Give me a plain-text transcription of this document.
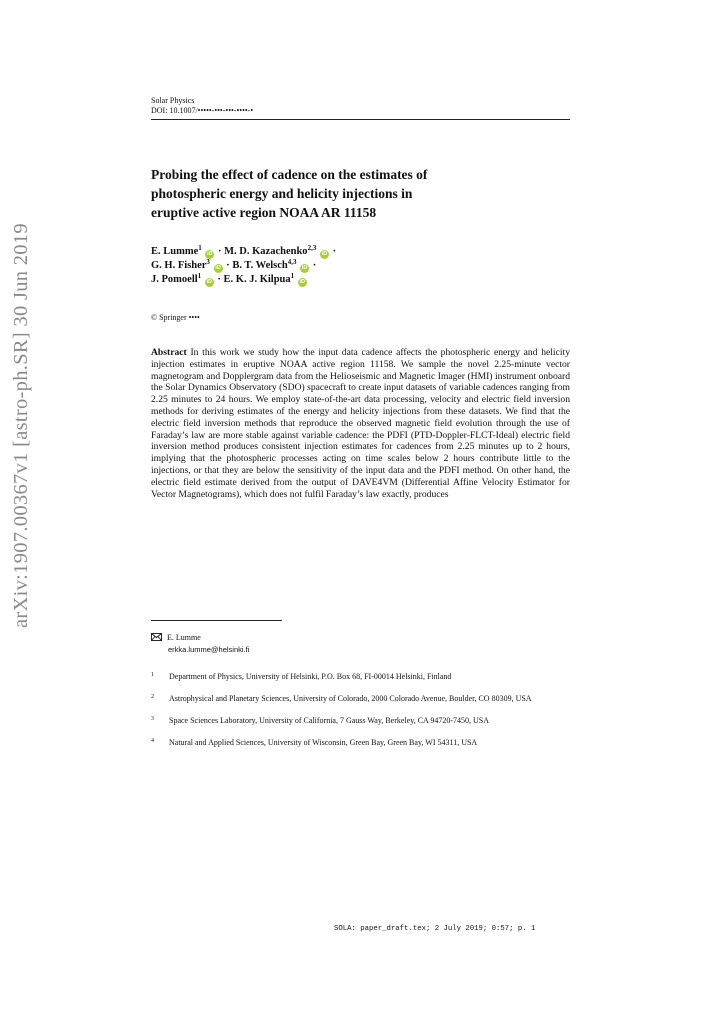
arXiv:1907.00367v1 [astro-ph.SR] 30 Jun 2019
Solar Physics
DOI: 10.1007/•••••-•••-•••-••••-•
Probing the effect of cadence on the estimates of
photospheric energy and helicity injections in
eruptive active region NOAA AR 11158
E. Lumme$^1$ iD · M. D. Kazachenko$^{2,3}$ iD ·
G. H. Fisher$^3$ iD · B. T. Welsch$^{4,3}$ iD ·
J. Pomoell$^1$ iD · E. K. J. Kilpua$^1$ iD
© Springer ••••
Abstract In this work we study how the input data cadence affects the photospheric energy and helicity injection estimates in eruptive NOAA active region 11158. We sample the novel 2.25-minute vector magnetogram and Dopplergram data from the Helioseismic and Magnetic Imager (HMI) instrument onboard the Solar Dynamics Observatory (SDO) spacecraft to create input datasets of variable cadences ranging from 2.25 minutes to 24 hours. We employ state-of-the-art data processing, velocity and electric field inversion methods for deriving estimates of the energy and helicity injections from these datasets. We find that the electric field inversion methods that reproduce the observed magnetic field evolution through the use of Faraday’s law are more stable against variable cadence: the PDFI (PTD-Doppler-FLCT-Ideal) electric field inversion method produces consistent injection estimates for cadences from 2.25 minutes up to 2 hours, implying that the photospheric processes acting on time scales below 2 hours contribute little to the injections, or that they are below the sensitivity of the input data and the PDFI method. On other hand, the electric field estimate derived from the output of DAVE4VM (Differential Affine Velocity Estimator for Vector Magnetograms), which does not fulfil Faraday’s law exactly, produces
E. Lumme
erkka.lumme@helsinki.fi
1 Department of Physics, University of Helsinki, P.O. Box 68, FI-00014 Helsinki, Finland
2 Astrophysical and Planetary Sciences, University of Colorado, 2000 Colorado Avenue, Boulder, CO 80309, USA
3 Space Sciences Laboratory, University of California, 7 Gauss Way, Berkeley, CA 94720-7450, USA
4 Natural and Applied Sciences, University of Wisconsin, Green Bay, Green Bay, WI 54311, USA
SOLA: paper_draft.tex; 2 July 2019; 0:57; p. 1
